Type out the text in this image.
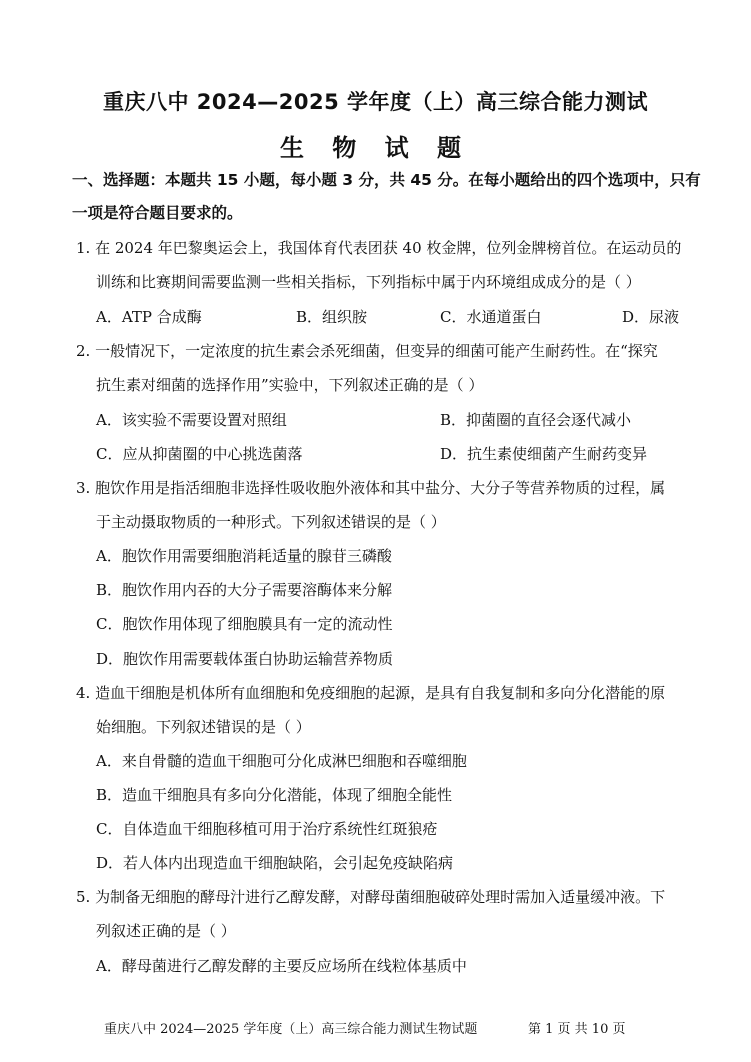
重庆八中 2024—2025 学年度（上）高三综合能力测试
生 物 试 题
一、选择题：本题共 15 小题，每小题 3 分，共 45 分。在每小题给出的四个选项中，只有
一项是符合题目要求的。
1. 在 2024 年巴黎奥运会上，我国体育代表团获 40 枚金牌，位列金牌榜首位。在运动员的
训练和比赛期间需要监测一些相关指标，下列指标中属于内环境组成成分的是（ ）
A．ATP 合成酶	B．组织胺	C．水通道蛋白	D．尿液
2. 一般情况下，一定浓度的抗生素会杀死细菌，但变异的细菌可能产生耐药性。在“探究
抗生素对细菌的选择作用”实验中，下列叙述正确的是（ ）
A．该实验不需要设置对照组	B．抑菌圈的直径会逐代减小
C．应从抑菌圈的中心挑选菌落	D．抗生素使细菌产生耐药变异
3. 胞饮作用是指活细胞非选择性吸收胞外液体和其中盐分、大分子等营养物质的过程，属
于主动摄取物质的一种形式。下列叙述错误的是（ ）
A．胞饮作用需要细胞消耗适量的腺苷三磷酸
B．胞饮作用内吞的大分子需要溶酶体来分解
C．胞饮作用体现了细胞膜具有一定的流动性
D．胞饮作用需要载体蛋白协助运输营养物质
4. 造血干细胞是机体所有血细胞和免疫细胞的起源，是具有自我复制和多向分化潜能的原
始细胞。下列叙述错误的是（ ）
A．来自骨髓的造血干细胞可分化成淋巴细胞和吞噬细胞
B．造血干细胞具有多向分化潜能，体现了细胞全能性
C．自体造血干细胞移植可用于治疗系统性红斑狼疮
D．若人体内出现造血干细胞缺陷，会引起免疫缺陷病
5. 为制备无细胞的酵母汁进行乙醇发酵，对酵母菌细胞破碎处理时需加入适量缓冲液。下
列叙述正确的是（ ）
A．酵母菌进行乙醇发酵的主要反应场所在线粒体基质中
重庆八中 2024—2025 学年度（上）高三综合能力测试生物试题	第 1 页 共 10 页
